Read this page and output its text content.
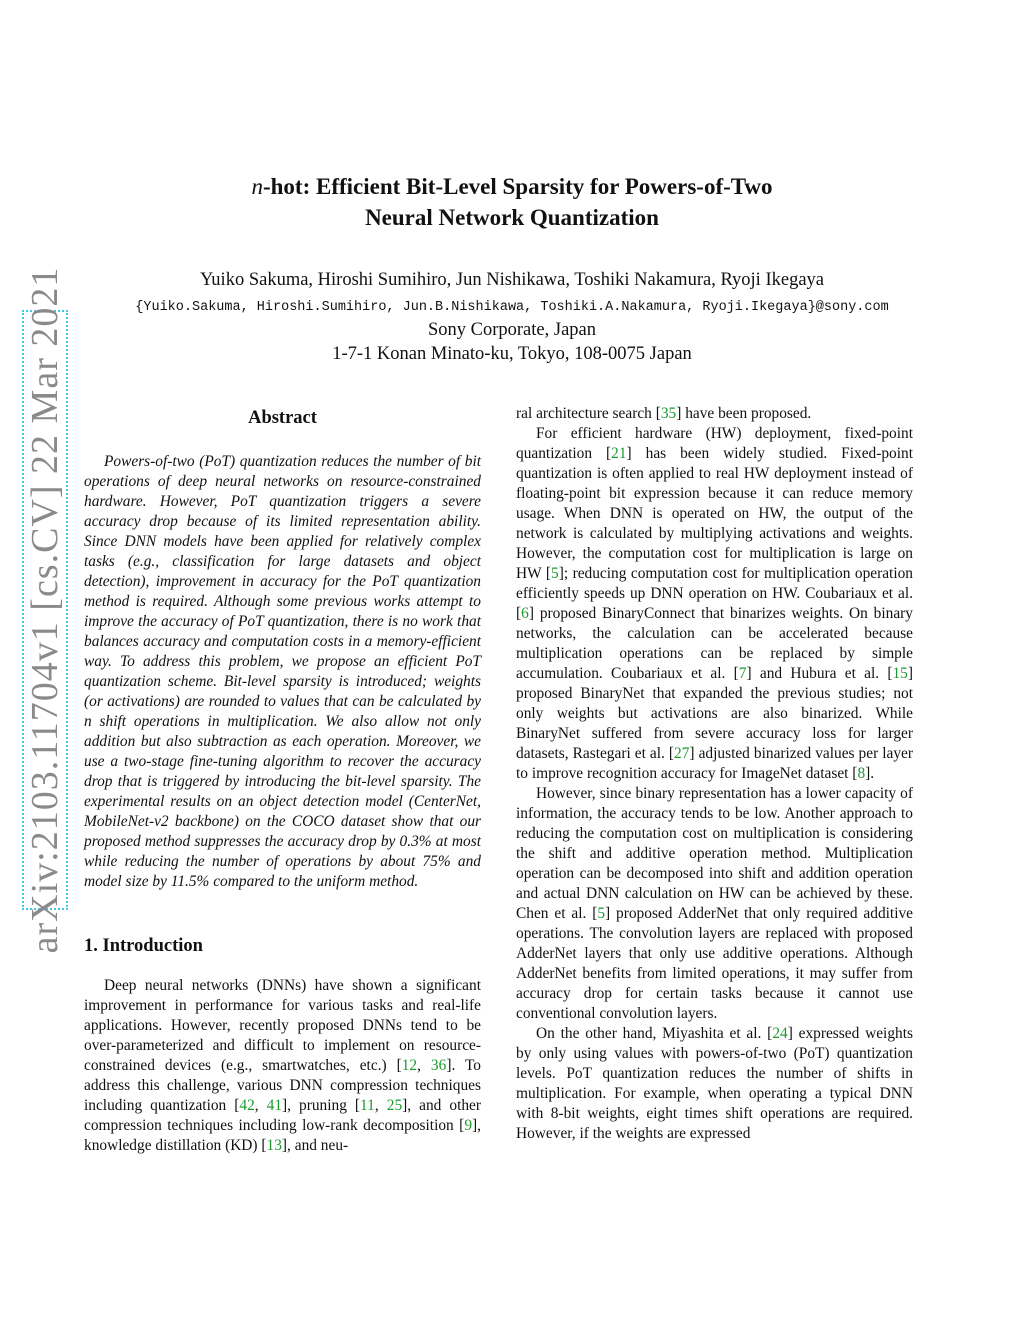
arXiv:2103.11704v1 [cs.CV] 22 Mar 2021
n-hot: Efficient Bit-Level Sparsity for Powers-of-Two
Neural Network Quantization
Yuiko Sakuma, Hiroshi Sumihiro, Jun Nishikawa, Toshiki Nakamura, Ryoji Ikegaya
{Yuiko.Sakuma, Hiroshi.Sumihiro, Jun.B.Nishikawa, Toshiki.A.Nakamura, Ryoji.Ikegaya}@sony.com
Sony Corporate, Japan
1-7-1 Konan Minato-ku, Tokyo, 108-0075 Japan
Abstract

Powers-of-two (PoT) quantization reduces the number of bit operations of deep neural networks on resource-constrained hardware. However, PoT quantization triggers a severe accuracy drop because of its limited representation ability. Since DNN models have been applied for relatively complex tasks (e.g., classification for large datasets and object detection), improvement in accuracy for the PoT quantization method is required. Although some previous works attempt to improve the accuracy of PoT quantization, there is no work that balances accuracy and computation costs in a memory-efficient way. To address this problem, we propose an efficient PoT quantization scheme. Bit-level sparsity is introduced; weights (or activations) are rounded to values that can be calculated by n shift operations in multiplication. We also allow not only addition but also subtraction as each operation. Moreover, we use a two-stage fine-tuning algorithm to recover the accuracy drop that is triggered by introducing the bit-level sparsity. The experimental results on an object detection model (CenterNet, MobileNet-v2 backbone) on the COCO dataset show that our proposed method suppresses the accuracy drop by 0.3% at most while reducing the number of operations by about 75% and model size by 11.5% compared to the uniform method.

1. Introduction

Deep neural networks (DNNs) have shown a significant improvement in performance for various tasks and real-life applications. However, recently proposed DNNs tend to be over-parameterized and difficult to implement on resource-constrained devices (e.g., smartwatches, etc.) [12, 36]. To address this challenge, various DNN compression techniques including quantization [42, 41], pruning [11, 25], and other compression techniques including low-rank decomposition [9], knowledge distillation (KD) [13], and neu-

ral architecture search [35] have been proposed.

For efficient hardware (HW) deployment, fixed-point quantization [21] has been widely studied. Fixed-point quantization is often applied to real HW deployment instead of floating-point bit expression because it can reduce memory usage. When DNN is operated on HW, the output of the network is calculated by multiplying activations and weights. However, the computation cost for multiplication is large on HW [5]; reducing computation cost for multiplication operation efficiently speeds up DNN operation on HW. Coubariaux et al. [6] proposed BinaryConnect that binarizes weights. On binary networks, the calculation can be accelerated because multiplication operations can be replaced by simple accumulation. Coubariaux et al. [7] and Hubura et al. [15] proposed BinaryNet that expanded the previous studies; not only weights but activations are also binarized. While BinaryNet suffered from severe accuracy loss for larger datasets, Rastegari et al. [27] adjusted binarized values per layer to improve recognition accuracy for ImageNet dataset [8].

However, since binary representation has a lower capacity of information, the accuracy tends to be low. Another approach to reducing the computation cost on multiplication is considering the shift and additive operation method. Multiplication operation can be decomposed into shift and addition operation and actual DNN calculation on HW can be achieved by these. Chen et al. [5] proposed AdderNet that only required additive operations. The convolution layers are replaced with proposed AdderNet layers that only use additive operations. Although AdderNet benefits from limited operations, it may suffer from accuracy drop for certain tasks because it cannot use conventional convolution layers.

On the other hand, Miyashita et al. [24] expressed weights by only using values with powers-of-two (PoT) quantization levels. PoT quantization reduces the number of shifts in multiplication. For example, when operating a typical DNN with 8-bit weights, eight times shift operations are required. However, if the weights are expressed
